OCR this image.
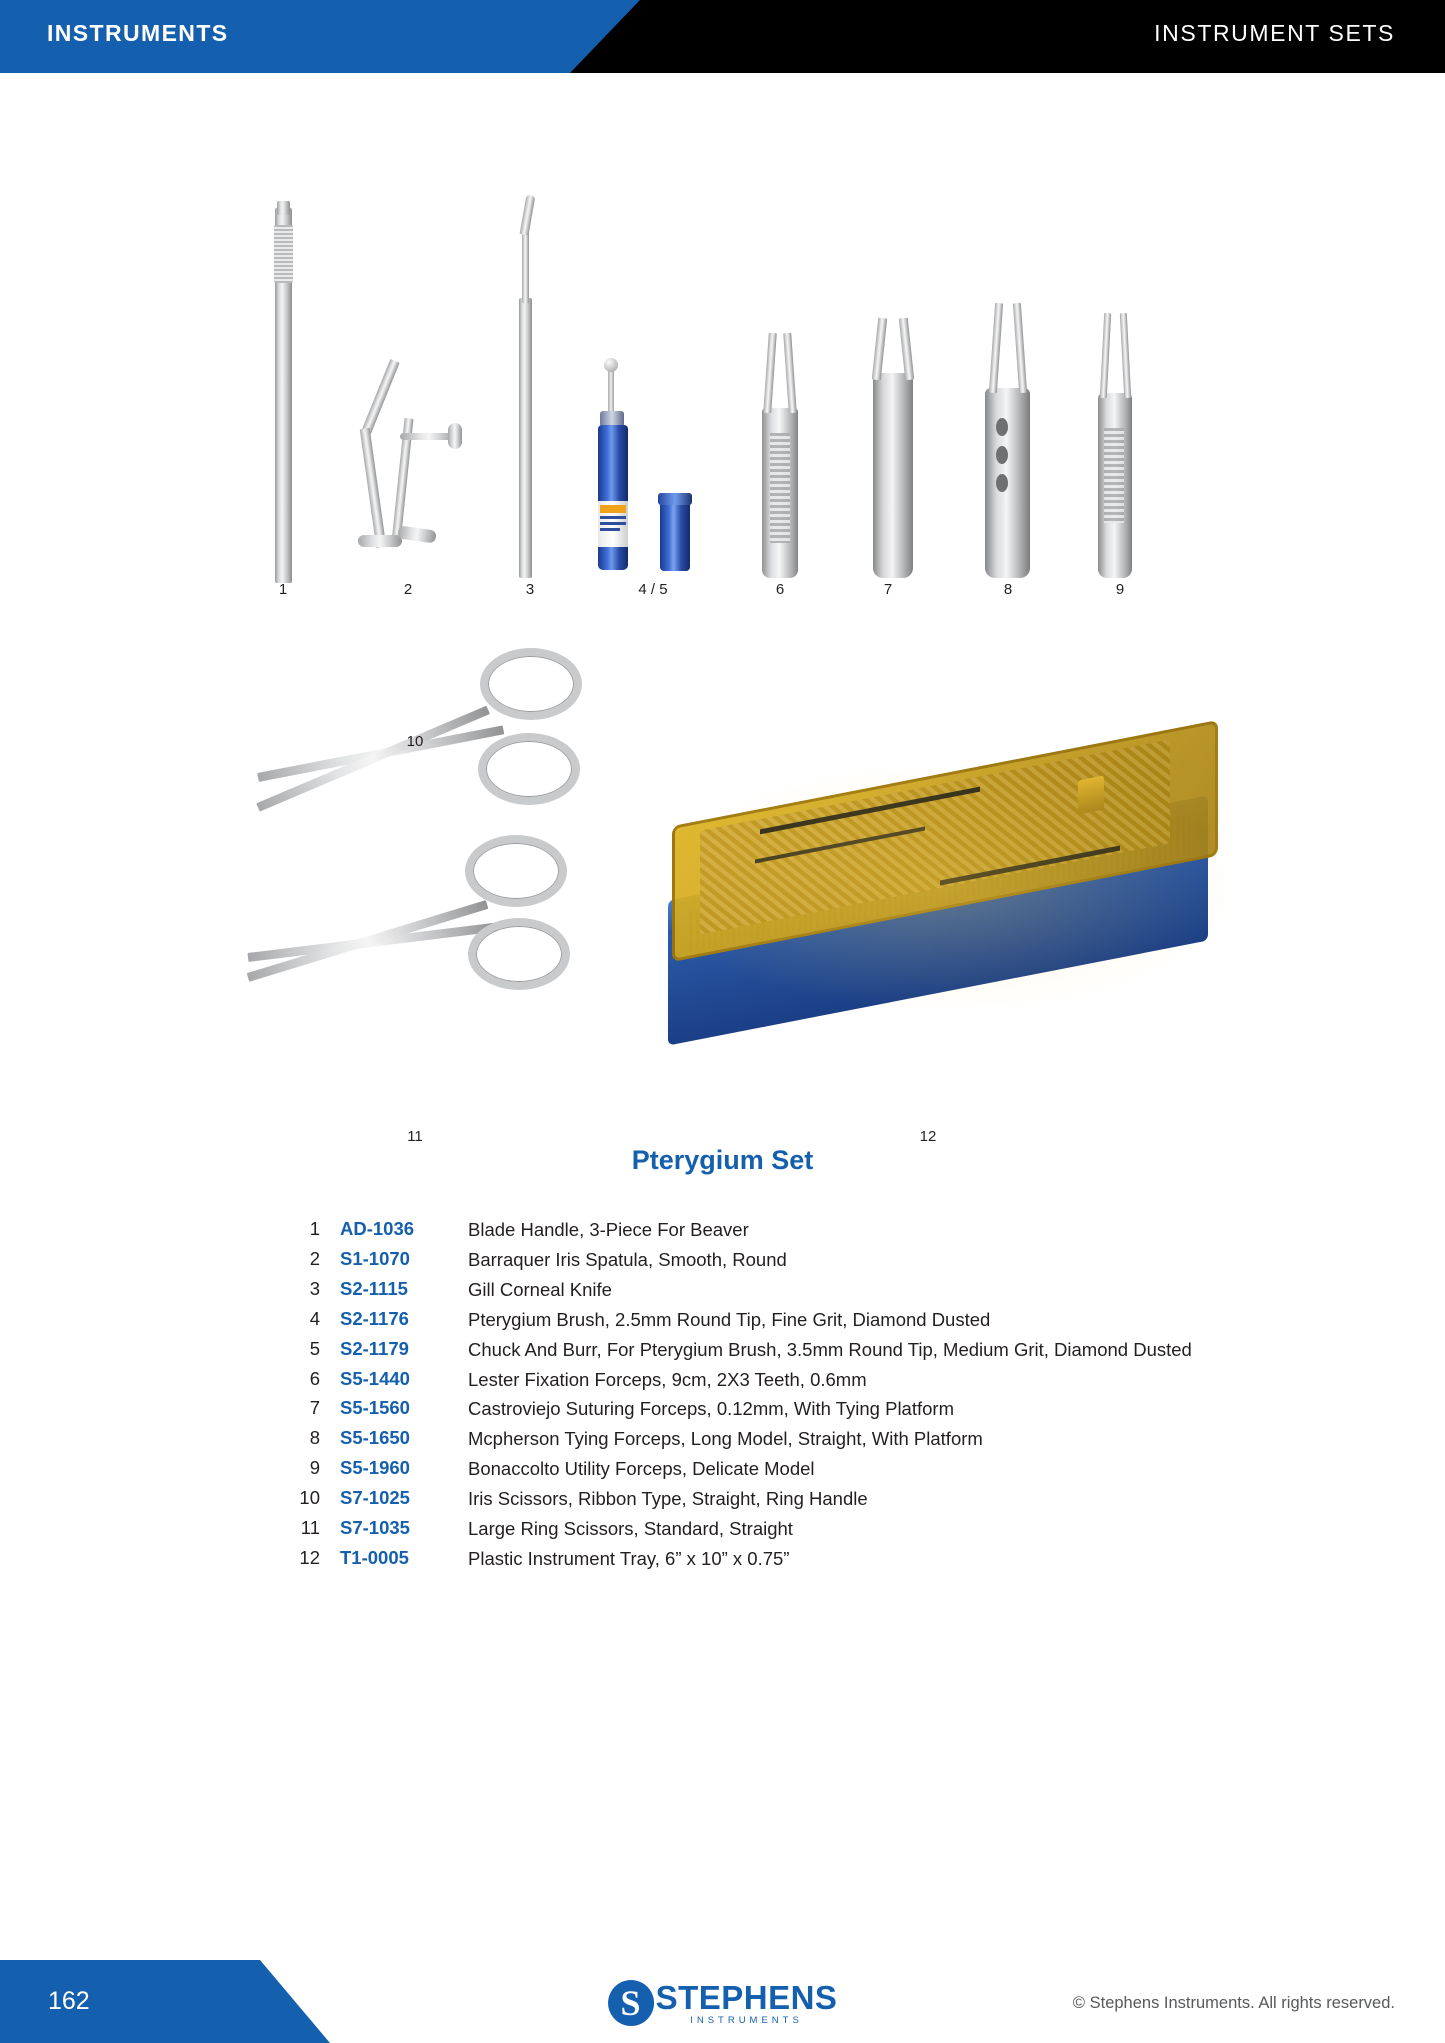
INSTRUMENTS	INSTRUMENT SETS
1	2	3	4 / 5	6	7	8	9
10
11	12
Pterygium Set
1	AD-1036	Blade Handle, 3-Piece For Beaver
2	S1-1070	Barraquer Iris Spatula, Smooth, Round
3	S2-1115	Gill Corneal Knife
4	S2-1176	Pterygium Brush, 2.5mm Round Tip, Fine Grit, Diamond Dusted
5	S2-1179	Chuck And Burr, For Pterygium Brush, 3.5mm Round Tip, Medium Grit, Diamond Dusted
6	S5-1440	Lester Fixation Forceps, 9cm, 2X3 Teeth, 0.6mm
7	S5-1560	Castroviejo Suturing Forceps, 0.12mm, With Tying Platform
8	S5-1650	Mcpherson Tying Forceps, Long Model, Straight, With Platform
9	S5-1960	Bonaccolto Utility Forceps, Delicate Model
10	S7-1025	Iris Scissors, Ribbon Type, Straight, Ring Handle
11	S7-1035	Large Ring Scissors, Standard, Straight
12	T1-0005	Plastic Instrument Tray, 6” x 10” x 0.75”
162	S STEPHENS
INSTRUMENTS
© Stephens Instruments. All rights reserved.
